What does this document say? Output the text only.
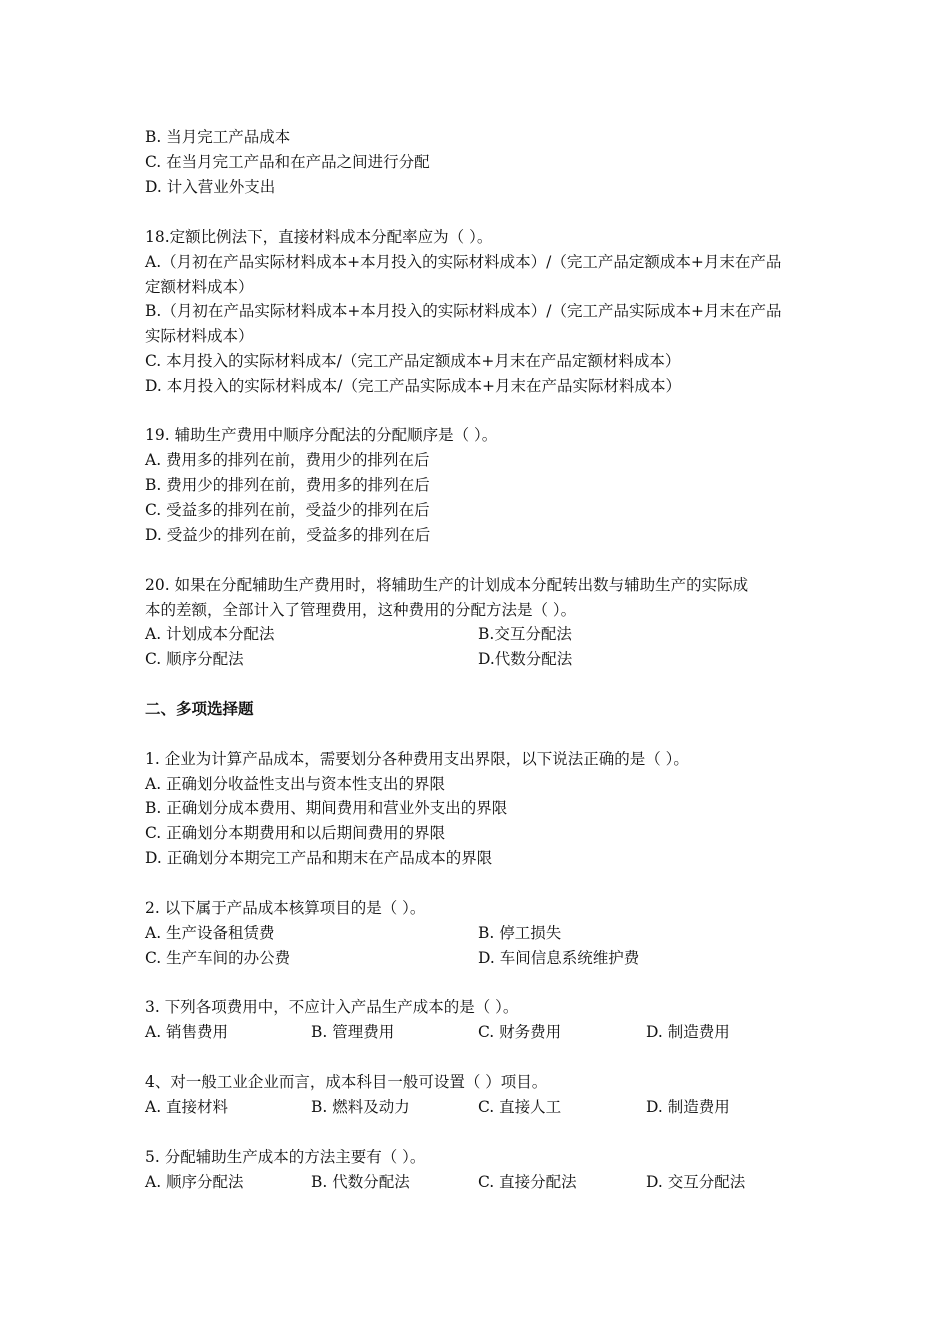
B. 当月完工产品成本
C. 在当月完工产品和在产品之间进行分配
D. 计入营业外支出
18.定额比例法下，直接材料成本分配率应为（ ）。
A.（月初在产品实际材料成本+本月投入的实际材料成本）/（完工产品定额成本+月末在产品
定额材料成本）
B.（月初在产品实际材料成本+本月投入的实际材料成本）/（完工产品实际成本+月末在产品
实际材料成本）
C. 本月投入的实际材料成本/（完工产品定额成本+月末在产品定额材料成本）
D. 本月投入的实际材料成本/（完工产品实际成本+月末在产品实际材料成本）
19. 辅助生产费用中顺序分配法的分配顺序是（ ）。
A. 费用多的排列在前，费用少的排列在后
B. 费用少的排列在前，费用多的排列在后
C. 受益多的排列在前，受益少的排列在后
D. 受益少的排列在前，受益多的排列在后
20. 如果在分配辅助生产费用时，将辅助生产的计划成本分配转出数与辅助生产的实际成
本的差额，全部计入了管理费用，这种费用的分配方法是（ ）。
A. 计划成本分配法	B.交互分配法
C. 顺序分配法	D.代数分配法
二、多项选择题
1. 企业为计算产品成本，需要划分各种费用支出界限，以下说法正确的是（ ）。
A. 正确划分收益性支出与资本性支出的界限
B. 正确划分成本费用、期间费用和营业外支出的界限
C. 正确划分本期费用和以后期间费用的界限
D. 正确划分本期完工产品和期末在产品成本的界限
2. 以下属于产品成本核算项目的是（ ）。
A. 生产设备租赁费	B. 停工损失
C. 生产车间的办公费	D. 车间信息系统维护费
3. 下列各项费用中，不应计入产品生产成本的是（ ）。
A. 销售费用	B. 管理费用	C. 财务费用	D. 制造费用
4、对一般工业企业而言，成本科目一般可设置（ ）项目。
A. 直接材料	B. 燃料及动力	C. 直接人工	D. 制造费用
5. 分配辅助生产成本的方法主要有（ ）。
A. 顺序分配法	B. 代数分配法	C. 直接分配法	D. 交互分配法
